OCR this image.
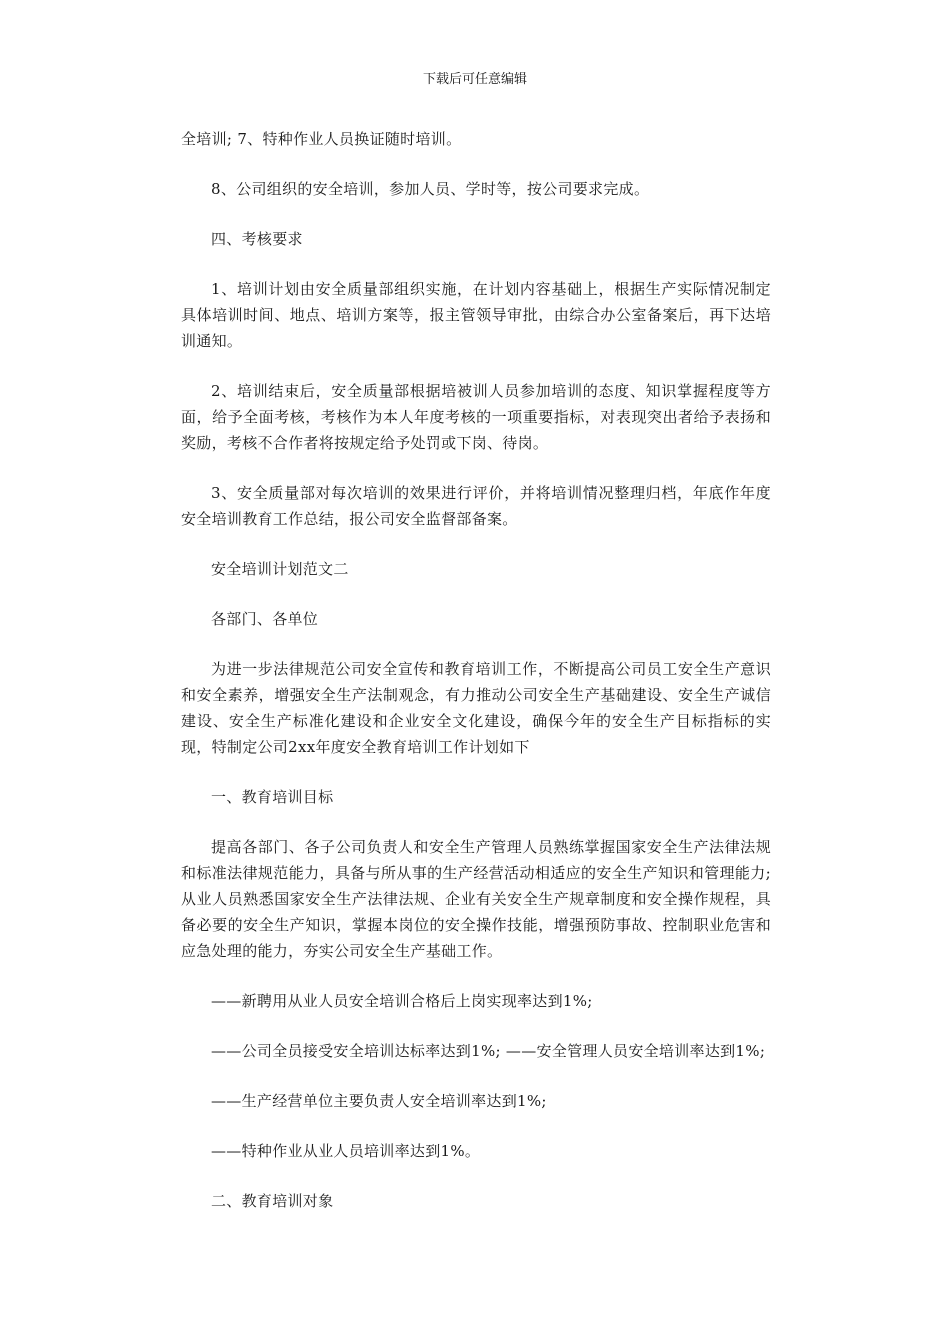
下载后可任意编辑

全培训; 7、特种作业人员换证随时培训。

8、公司组织的安全培训，参加人员、学时等，按公司要求完成。

四、考核要求

1、培训计划由安全质量部组织实施，在计划内容基础上，根据生产实际情况制定具体培训时间、地点、培训方案等，报主管领导审批，由综合办公室备案后，再下达培训通知。

2、培训结束后，安全质量部根据培被训人员参加培训的态度、知识掌握程度等方面，给予全面考核，考核作为本人年度考核的一项重要指标，对表现突出者给予表扬和奖励，考核不合作者将按规定给予处罚或下岗、待岗。

3、安全质量部对每次培训的效果进行评价，并将培训情况整理归档，年底作年度安全培训教育工作总结，报公司安全监督部备案。

安全培训计划范文二

各部门、各单位

为进一步法律规范公司安全宣传和教育培训工作，不断提高公司员工安全生产意识和安全素养，增强安全生产法制观念，有力推动公司安全生产基础建设、安全生产诚信建设、安全生产标准化建设和企业安全文化建设，确保今年的安全生产目标指标的实现，特制定公司2xx年度安全教育培训工作计划如下

一、教育培训目标

提高各部门、各子公司负责人和安全生产管理人员熟练掌握国家安全生产法律法规和标准法律规范能力，具备与所从事的生产经营活动相适应的安全生产知识和管理能力;从业人员熟悉国家安全生产法律法规、企业有关安全生产规章制度和安全操作规程，具备必要的安全生产知识，掌握本岗位的安全操作技能，增强预防事故、控制职业危害和应急处理的能力，夯实公司安全生产基础工作。

——新聘用从业人员安全培训合格后上岗实现率达到1%;

——公司全员接受安全培训达标率达到1%; ——安全管理人员安全培训率达到1%;

——生产经营单位主要负责人安全培训率达到1%;

——特种作业从业人员培训率达到1%。

二、教育培训对象
